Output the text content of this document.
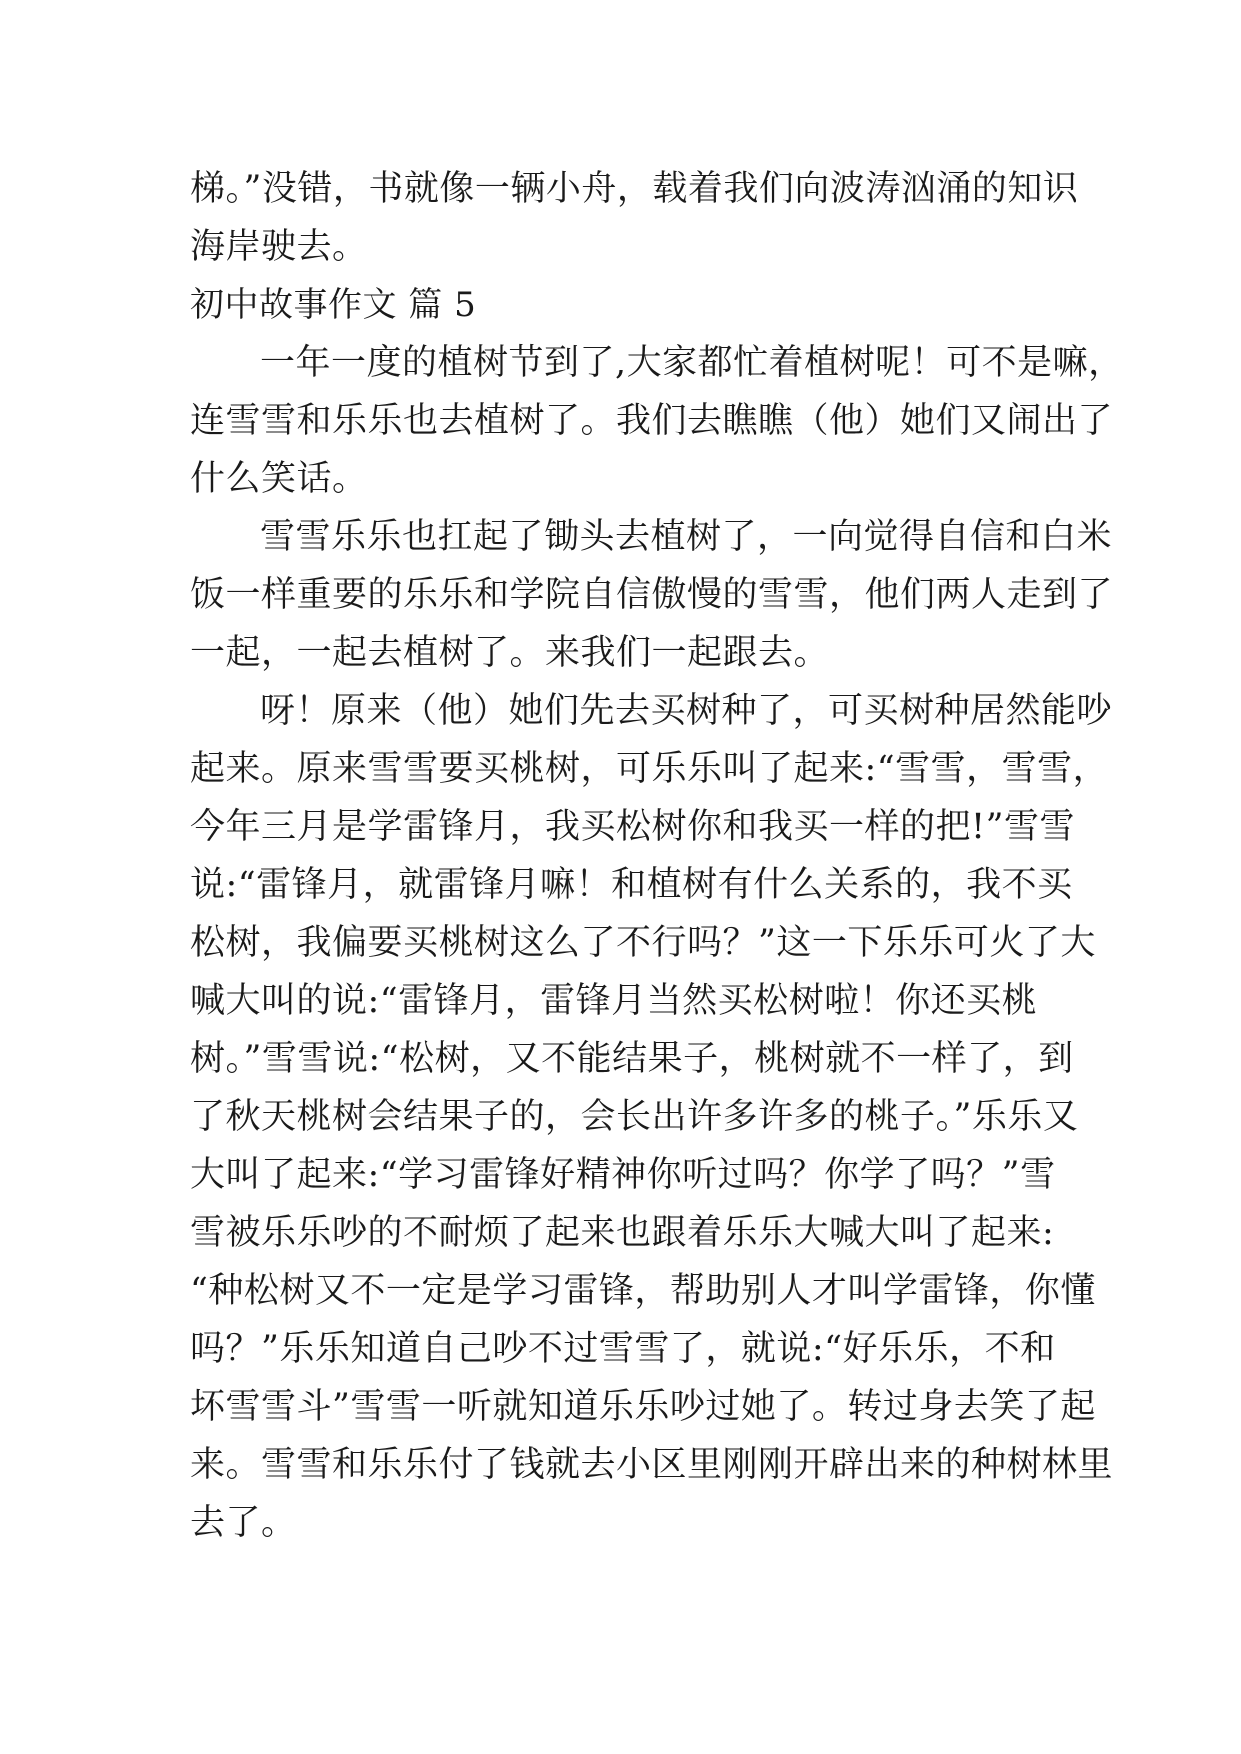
梯。”没错，书就像一辆小舟，载着我们向波涛汹涌的知识
海岸驶去。
初中故事作文 篇 5
一年一度的植树节到了,大家都忙着植树呢！可不是嘛，
连雪雪和乐乐也去植树了。我们去瞧瞧（他）她们又闹出了
什么笑话。
雪雪乐乐也扛起了锄头去植树了，一向觉得自信和白米
饭一样重要的乐乐和学院自信傲慢的雪雪，他们两人走到了
一起，一起去植树了。来我们一起跟去。
呀！原来（他）她们先去买树种了，可买树种居然能吵
起来。原来雪雪要买桃树，可乐乐叫了起来:“雪雪，雪雪，
今年三月是学雷锋月，我买松树你和我买一样的把!”雪雪
说:“雷锋月，就雷锋月嘛！和植树有什么关系的，我不买
松树，我偏要买桃树这么了不行吗？”这一下乐乐可火了大
喊大叫的说:“雷锋月，雷锋月当然买松树啦！你还买桃
树。”雪雪说:“松树，又不能结果子，桃树就不一样了，到
了秋天桃树会结果子的，会长出许多许多的桃子。”乐乐又
大叫了起来:“学习雷锋好精神你听过吗？你学了吗？”雪
雪被乐乐吵的不耐烦了起来也跟着乐乐大喊大叫了起来:
“种松树又不一定是学习雷锋，帮助别人才叫学雷锋，你懂
吗？”乐乐知道自己吵不过雪雪了，就说:“好乐乐，不和
坏雪雪斗”雪雪一听就知道乐乐吵过她了。转过身去笑了起
来。雪雪和乐乐付了钱就去小区里刚刚开辟出来的种树林里
去了。
